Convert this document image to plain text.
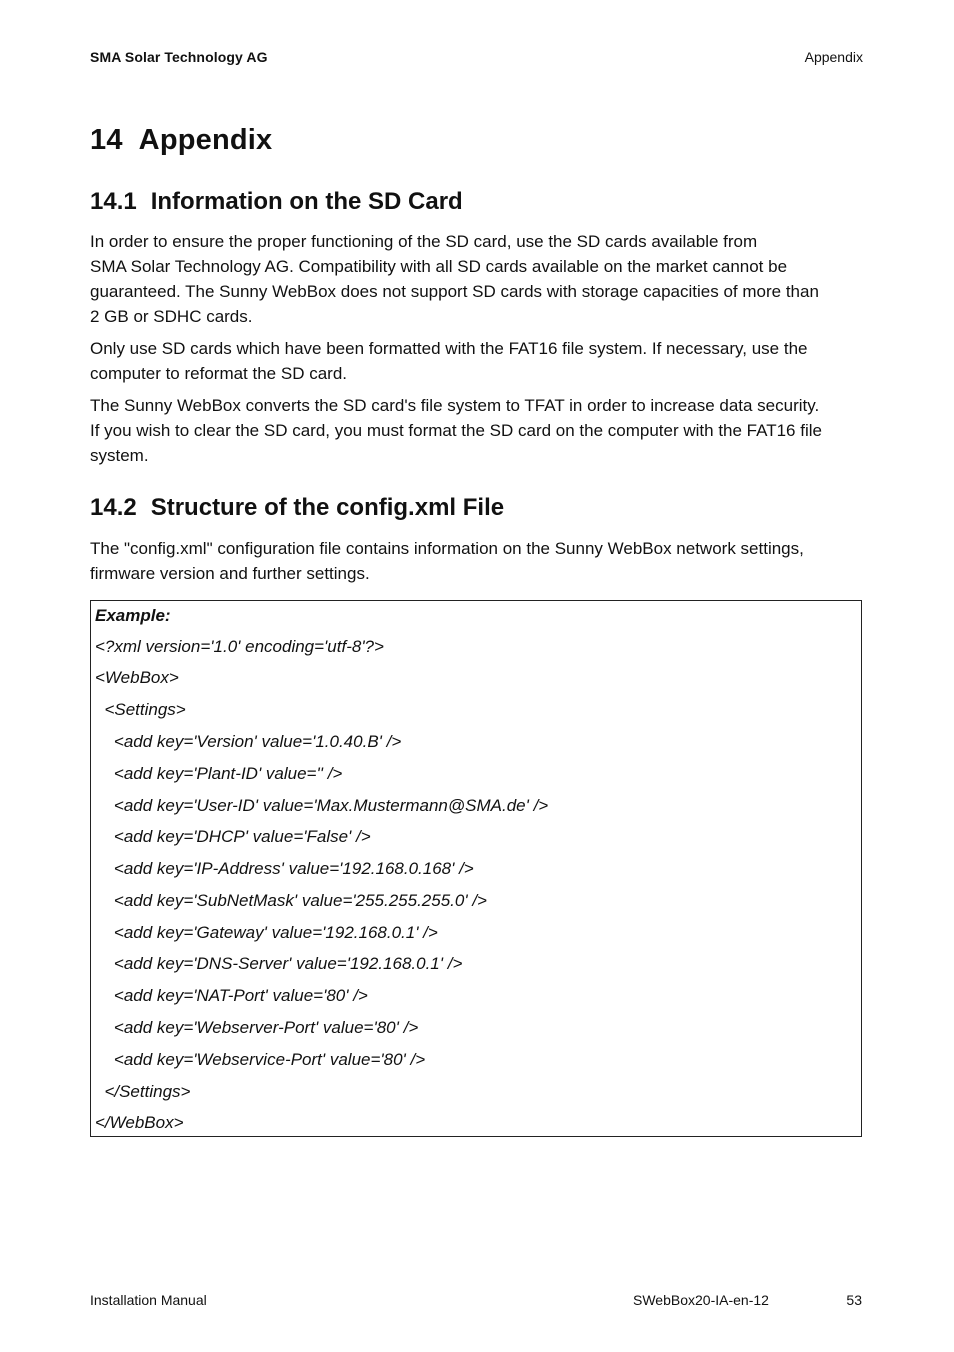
SMA Solar Technology AG	Appendix
14 Appendix
14.1 Information on the SD Card

In order to ensure the proper functioning of the SD card, use the SD cards available from
SMA Solar Technology AG. Compatibility with all SD cards available on the market cannot be
guaranteed. The Sunny WebBox does not support SD cards with storage capacities of more than
2 GB or SDHC cards.

Only use SD cards which have been formatted with the FAT16 file system. If necessary, use the
computer to reformat the SD card.

The Sunny WebBox converts the SD card's file system to TFAT in order to increase data security.
If you wish to clear the SD card, you must format the SD card on the computer with the FAT16 file
system.

14.2 Structure of the config.xml File

The "config.xml" configuration file contains information on the Sunny WebBox network settings,
firmware version and further settings.

Example:
<?xml version='1.0' encoding='utf-8'?>
<WebBox>
<Settings>
<add key='Version' value='1.0.40.B' />
<add key='Plant-ID' value='' />
<add key='User-ID' value='Max.Mustermann@SMA.de' />
<add key='DHCP' value='False' />
<add key='IP-Address' value='192.168.0.168' />
<add key='SubNetMask' value='255.255.255.0' />
<add key='Gateway' value='192.168.0.1' />
<add key='DNS-Server' value='192.168.0.1' />
<add key='NAT-Port' value='80' />
<add key='Webserver-Port' value='80' />
<add key='Webservice-Port' value='80' />
</Settings>
</WebBox>
Installation Manual	SWebBox20-IA-en-12	53
